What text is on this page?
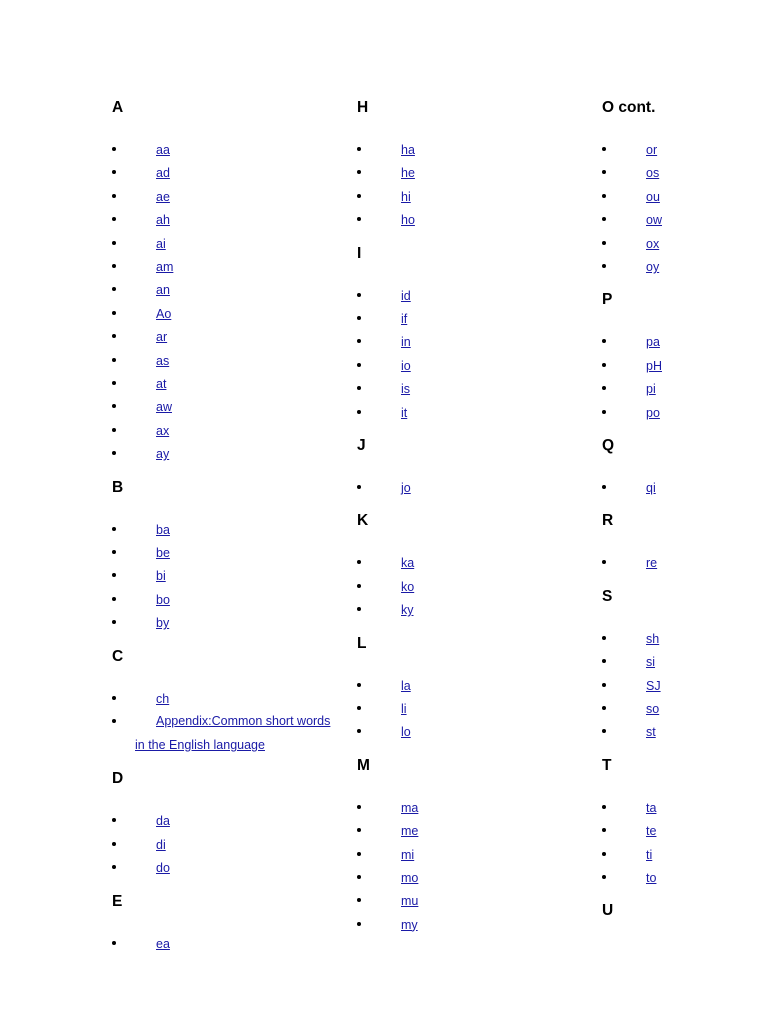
A
aa
ad
ae
ah
ai
am
an
Ao
ar
as
at
aw
ax
ay
B
ba
be
bi
bo
by
C
ch
Appendix:Common short words in the English language
D
da
di
do
E
ea
H
ha
he
hi
ho
I
id
if
in
io
is
it
J
jo
K
ka
ko
ky
L
la
li
lo
M
ma
me
mi
mo
mu
my
O cont.
or
os
ou
ow
ox
oy
P
pa
pH
pi
po
Q
qi
R
re
S
sh
si
SJ
so
st
T
ta
te
ti
to
U
